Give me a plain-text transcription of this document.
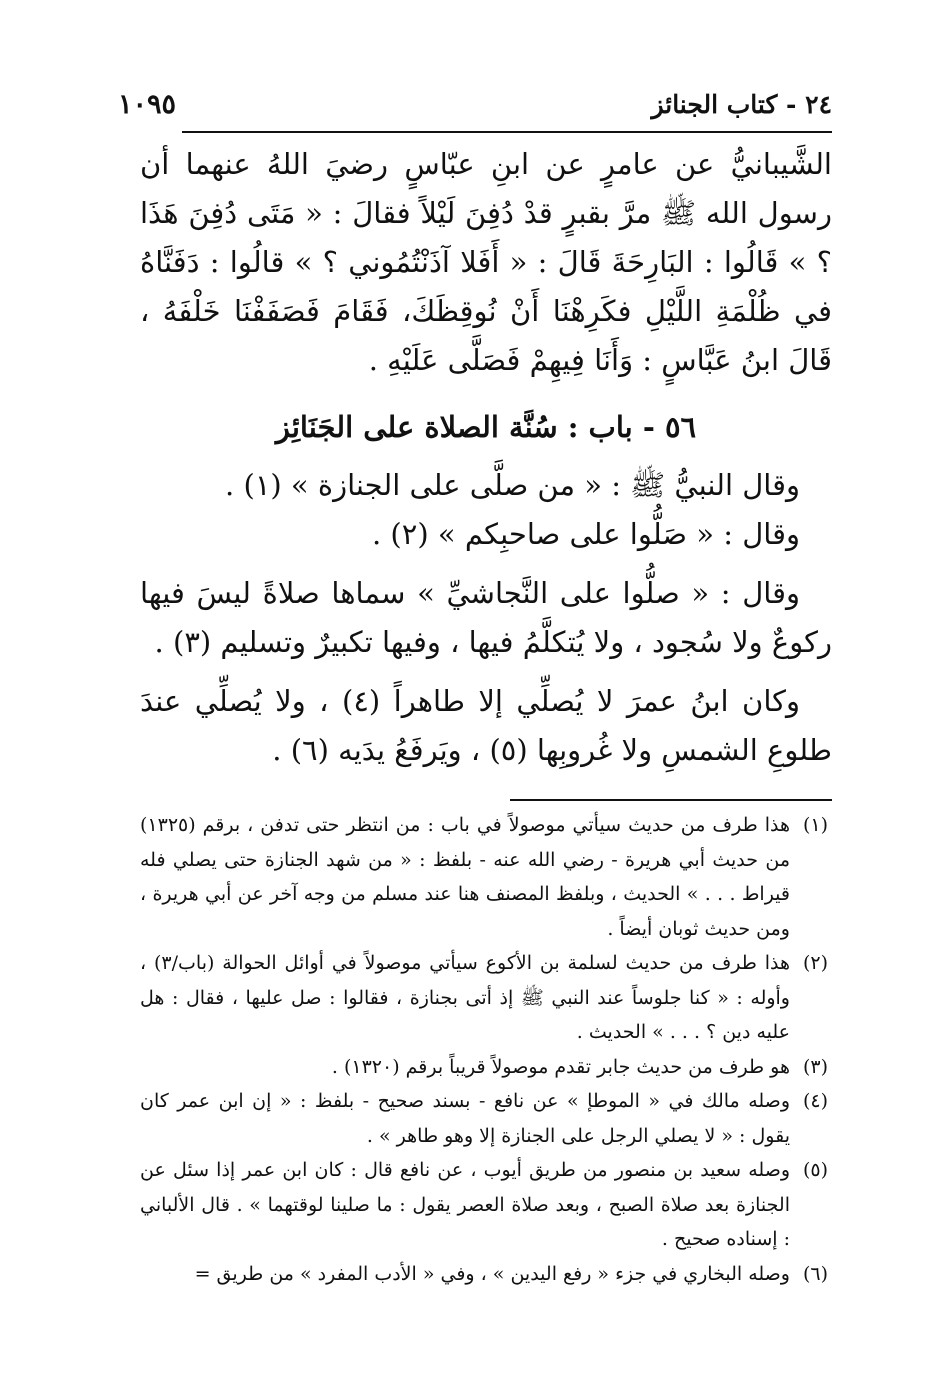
٢٤ - كتاب الجنائز
١٠٩٥

الشَّيبانيُّ عن عامرٍ عن ابنِ عبّاسٍ رضيَ اللهُ عنهما أن رسول الله ﷺ مرَّ بقبرٍ قدْ دُفِنَ لَيْلاً فقالَ : « مَتَى دُفِنَ هَذَا ؟ » قَالُوا : البَارِحَةَ قَالَ : « أَفَلا آذَنْتُمُوني ؟ » قالُوا : دَفَنَّاهُ في ظُلْمَةِ اللَّيْلِ فكَرِهْنَا أَنْ نُوقِظَكَ، فَقَامَ فَصَفَفْنَا خَلْفَهُ ، قَالَ ابنُ عَبَّاسٍ : وَأَنَا فِيهِمْ فَصَلَّى عَلَيْهِ .

٥٦ - باب : سُنَّة الصلاة على الجَنَائِز

وقال النبيُّ ﷺ : « من صلَّى على الجنازة » (١) .

وقال : « صَلُّوا على صاحبِكم » (٢) .

وقال : « صلُّوا على النَّجاشيِّ » سماها صلاةً ليسَ فيها ركوعٌ ولا سُجود ، ولا يُتكلَّمُ فيها ، وفيها تكبيرٌ وتسليم (٣) .

وكان ابنُ عمرَ لا يُصلِّي إلا طاهراً (٤) ، ولا يُصلِّي عندَ طلوعِ الشمسِ ولا غُروبِها (٥) ، ويَرفَعُ يدَيه (٦) .

(١)هذا طرف من حديث سيأتي موصولاً في باب : من انتظر حتى تدفن ، برقم (١٣٢٥) من حديث أبي هريرة - رضي الله عنه - بلفظ : « من شهد الجنازة حتى يصلي فله قيراط . . . » الحديث ، وبلفظ المصنف هنا عند مسلم من وجه آخر عن أبي هريرة ، ومن حديث ثوبان أيضاً .

(٢)هذا طرف من حديث لسلمة بن الأكوع سيأتي موصولاً في أوائل الحوالة (باب/٣) ، وأوله : « كنا جلوساً عند النبي ﷺ إذ أتى بجنازة ، فقالوا : صل عليها ، فقال : هل عليه دين ؟ . . . » الحديث .

(٣)هو طرف من حديث جابر تقدم موصولاً قريباً برقم (١٣٢٠) .

(٤)وصله مالك في « الموطإ » عن نافع - بسند صحيح - بلفظ : « إن ابن عمر كان يقول : « لا يصلي الرجل على الجنازة إلا وهو طاهر » .

(٥)وصله سعيد بن منصور من طريق أيوب ، عن نافع قال : كان ابن عمر إذا سئل عن الجنازة بعد صلاة الصبح ، وبعد صلاة العصر يقول : ما صلينا لوقتهما » . قال الألباني : إسناده صحيح .

(٦)وصله البخاري في جزء « رفع اليدين » ، وفي « الأدب المفرد » من طريق =
